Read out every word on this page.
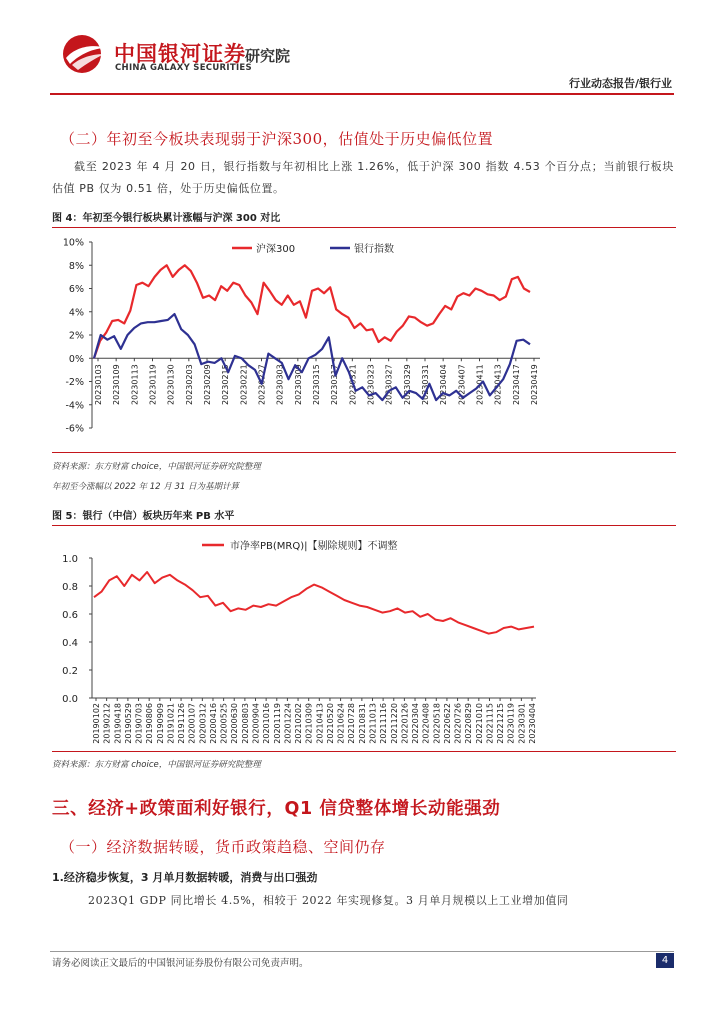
中国银河证券
CHINA GALAXY SECURITIES
研究院
行业动态报告/银行业
（二）年初至今板块表现弱于沪深300，估值处于历史偏低位置
截至 2023 年 4 月 20 日，银行指数与年初相比上涨 1.26%，低于沪深 300 指数 4.53 个百分点；当前银行板块估值 PB 仅为 0.51 倍，处于历史偏低位置。
图 4：年初至今银行板块累计涨幅与沪深 300 对比
10%
8%
6%
4%
2%
0%
-2%
-4%
-6%
20230103 20230109 20230113 20230119 20230130 20230203 20230209 20230215 20230221 20230227 20230303 20230309 20230315 20230317 20230321 20230323 20230327 20230329 20230331 20230404 20230407 20230411 20230413 20230417 20230419
沪深300	银行指数
资料来源：东方财富 choice，中国银河证券研究院整理
年初至今涨幅以 2022 年 12 月 31 日为基期计算
图 5：银行（中信）板块历年来 PB 水平
1.0
0.8
0.6
0.4
0.2
0.0
20190102 20190212 20190418 20190529 20190703 20190806 20190909 20191021 20191126 20200107 20200312 20200416 20200525 20200630 20200803 20200904 20201016 20201119 20201224 20210202 20210309 20210413 20210520 20210624 20210728 20210831 20211013 20211116 20211220 20220126 20220304 20220408 20220518 20220622 20220726 20220829 20221010 20221115 20221215 20230119 20230301 20230404
市净率PB(MRQ)|【剔除规则】不调整
资料来源：东方财富 choice，中国银河证券研究院整理
三、经济+政策面利好银行，Q1 信贷整体增长动能强劲
（一）经济数据转暖，货币政策趋稳、空间仍存
1.经济稳步恢复，3 月单月数据转暖，消费与出口强劲
2023Q1 GDP 同比增长 4.5%，相较于 2022 年实现修复。3 月单月规模以上工业增加值同
请务必阅读正文最后的中国银河证券股份有限公司免责声明。	4
